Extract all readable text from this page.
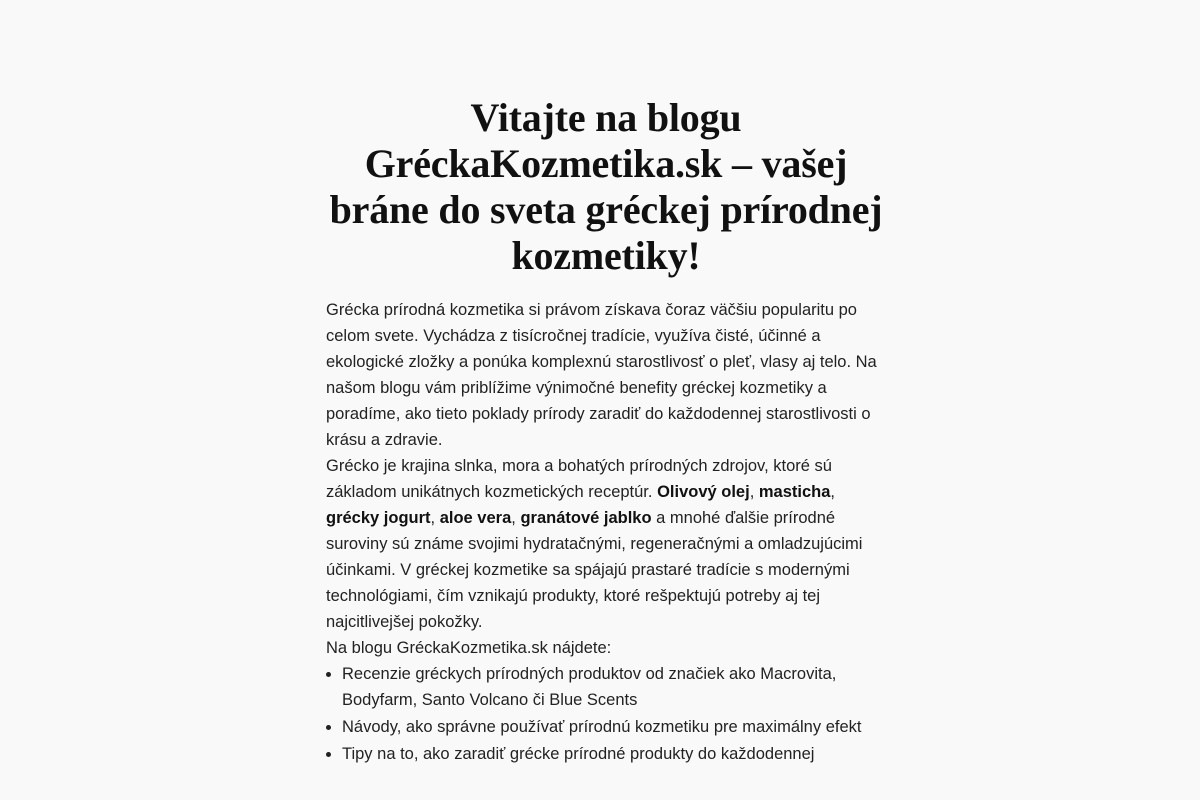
Vitajte na blogu GréckaKozmetika.sk – vašej bráne do sveta gréckej prírodnej kozmetiky!

Grécka prírodná kozmetika si právom získava čoraz väčšiu popularitu po celom svete. Vychádza z tisícročnej tradície, využíva čisté, účinné a ekologické zložky a ponúka komplexnú starostlivosť o pleť, vlasy aj telo. Na našom blogu vám priblížime výnimočné benefity gréckej kozmetiky a poradíme, ako tieto poklady prírody zaradiť do každodennej starostlivosti o krásu a zdravie.

Grécko je krajina slnka, mora a bohatých prírodných zdrojov, ktoré sú základom unikátnych kozmetických receptúr. Olivový olej, masticha, grécky jogurt, aloe vera, granátové jablko a mnohé ďalšie prírodné suroviny sú známe svojimi hydratačnými, regeneračnými a omladzujúcimi účinkami. V gréckej kozmetike sa spájajú prastaré tradície s modernými technológiami, čím vznikajú produkty, ktoré rešpektujú potreby aj tej najcitlivejšej pokožky.

Na blogu GréckaKozmetika.sk nájdete:

• Recenzie gréckych prírodných produktov od značiek ako Macrovita, Bodyfarm, Santo Volcano či Blue Scents
• Návody, ako správne používať prírodnú kozmetiku pre maximálny efekt
• Tipy na to, ako zaradiť grécke prírodné produkty do každodennej
